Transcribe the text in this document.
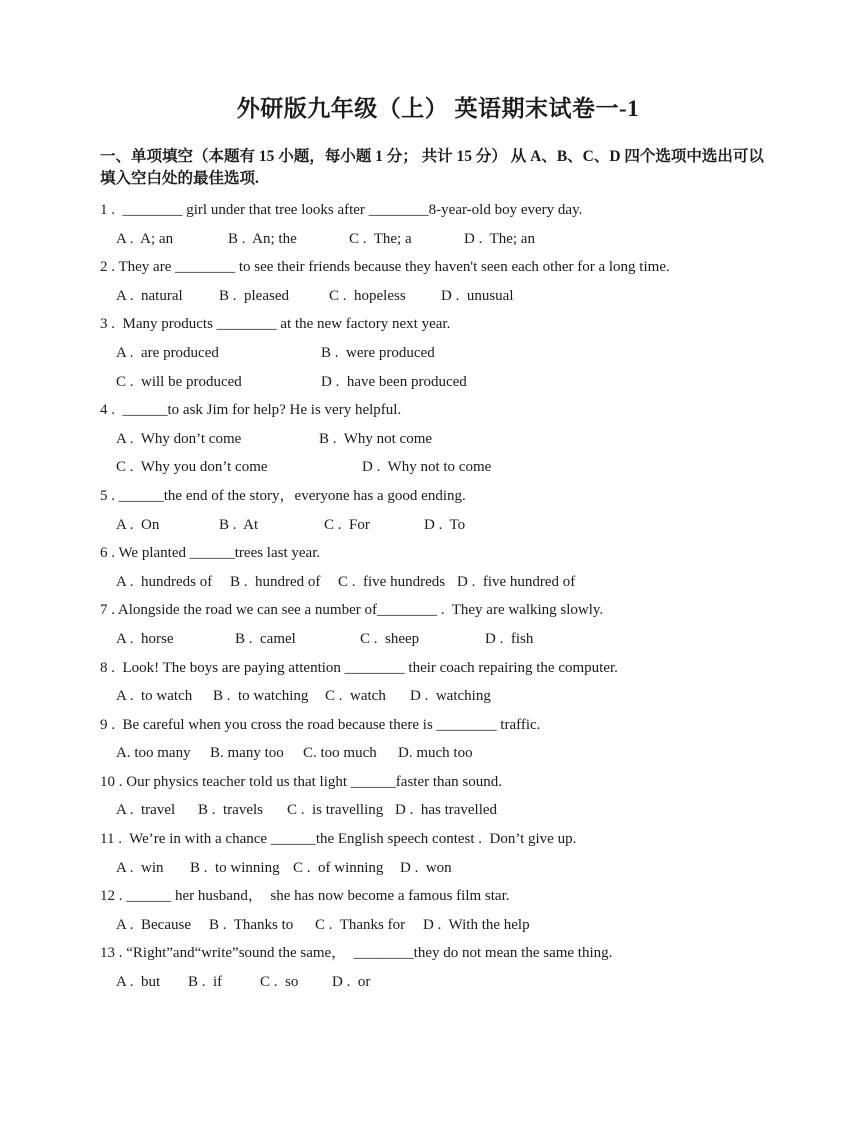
外研版九年级（上） 英语期末试卷一-1

一、单项填空（本题有 15 小题，每小题 1 分； 共计 15 分） 从 A、B、C、D 四个选项中选出可以填入空白处的最佳选项.

1 .  ________ girl under that tree looks after ________8-year-old boy every day.
A .  A; an	B .  An; the	C .  The; a	D .  The; an
2 . They are ________ to see their friends because they haven't seen each other for a long time.
A .  natural	B .  pleased	C .  hopeless	D .  unusual
3 .  Many products ________ at the new factory next year.
A .  are produced	B .  were produced
C .  will be produced	D .  have been produced
4 .  ______to ask Jim for help? He is very helpful.
A .  Why don’t come	B .  Why not come
C .  Why you don’t come	D .  Why not to come
5 . ______the end of the story，everyone has a good ending.
A .  On	B .  At	C .  For	D .  To
6 . We planted ______trees last year.
A .  hundreds of	B .  hundred of	C .  five hundreds D .  five hundred of
7 . Alongside the road we can see a number of________ .  They are walking slowly.
A .  horse	B .  camel	C .  sheep	D .  fish
8 .  Look! The boys are paying attention ________ their coach repairing the computer.
A .  to watch	B .  to watching	C .  watch	D .  watching
9 .  Be careful when you cross the road because there is ________ traffic.
A. too many	B. many too	C. too much	D. much too
10 . Our physics teacher told us that light ______faster than sound.
A .  travel	B .  travels	C .  is travelling D .  has travelled
11 .  We’re in with a chance ______the English speech contest .  Don’t give up.
A .  win	B .  to winning C .  of winning	D .  won
12 . ______ her husband，  she has now become a famous film star.
A .  Because	B .  Thanks to	C .  Thanks for	D .  With the help
13 . “Right”and“write”sound the same，  ________they do not mean the same thing.
A .  but	B .  if	C .  so	D .  or
